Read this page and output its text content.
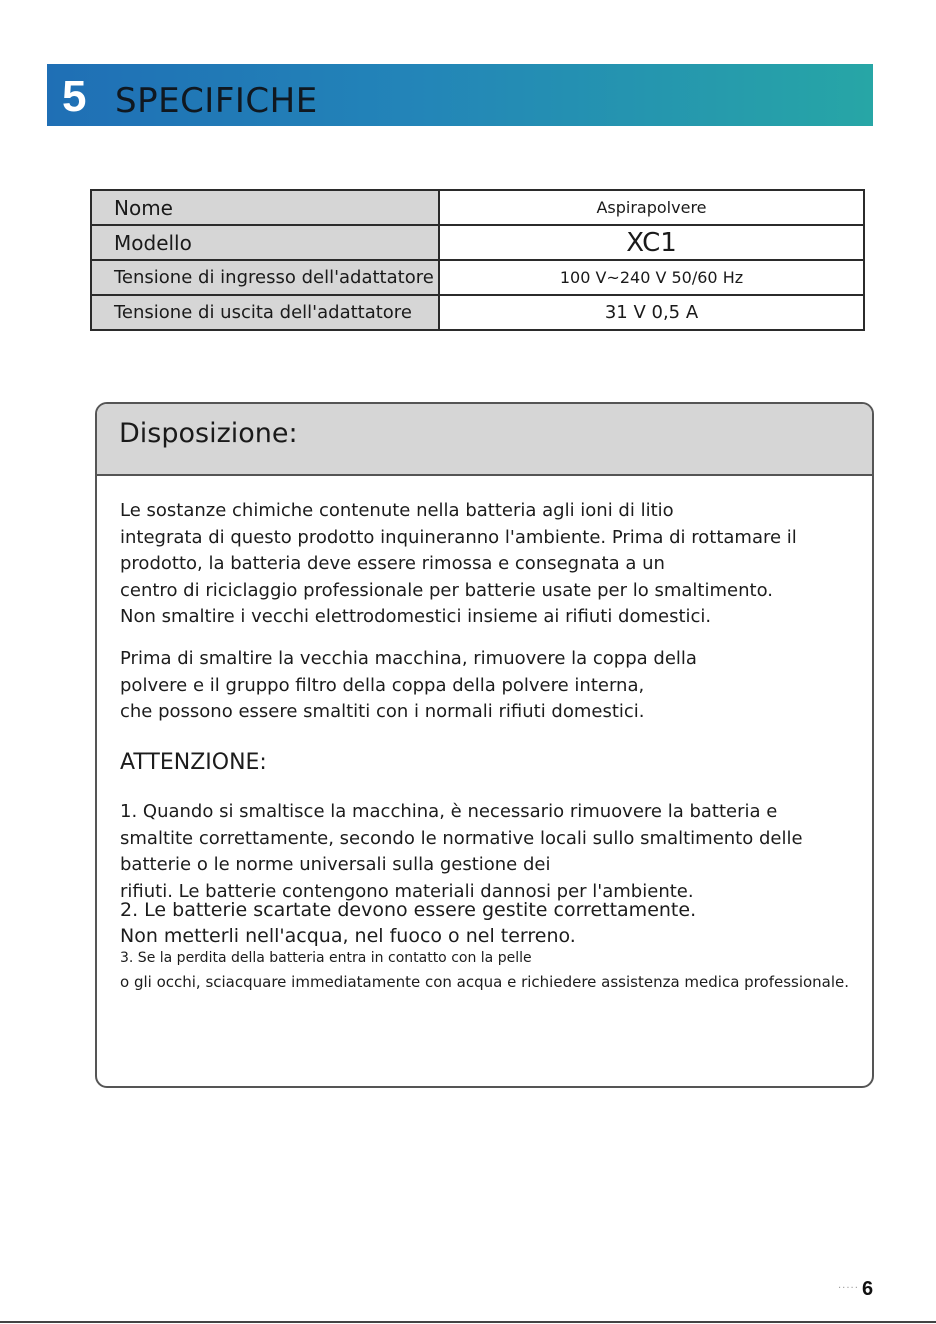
5 SPECIFICHE
Nome	Aspirapolvere
Modello	XC1
Tensione di ingresso dell'adattatore	100 V~240 V 50/60 Hz
Tensione di uscita dell'adattatore	31 V 0,5 A
Disposizione:
Le sostanze chimiche contenute nella batteria agli ioni di litio
integrata di questo prodotto inquineranno l'ambiente. Prima di rottamare il
prodotto, la batteria deve essere rimossa e consegnata a un
centro di riciclaggio professionale per batterie usate per lo smaltimento.
Non smaltire i vecchi elettrodomestici insieme ai rifiuti domestici.
Prima di smaltire la vecchia macchina, rimuovere la coppa della
polvere e il gruppo filtro della coppa della polvere interna,
che possono essere smaltiti con i normali rifiuti domestici.
ATTENZIONE:
1. Quando si smaltisce la macchina, è necessario rimuovere la batteria e
smaltite correttamente, secondo le normative locali sullo smaltimento delle
batterie o le norme universali sulla gestione dei
rifiuti. Le batterie contengono materiali dannosi per l'ambiente.
2. Le batterie scartate devono essere gestite correttamente.
Non metterli nell'acqua, nel fuoco o nel terreno.
3. Se la perdita della batteria entra in contatto con la pelle
o gli occhi, sciacquare immediatamente con acqua e richiedere assistenza medica professionale.
····· 6
